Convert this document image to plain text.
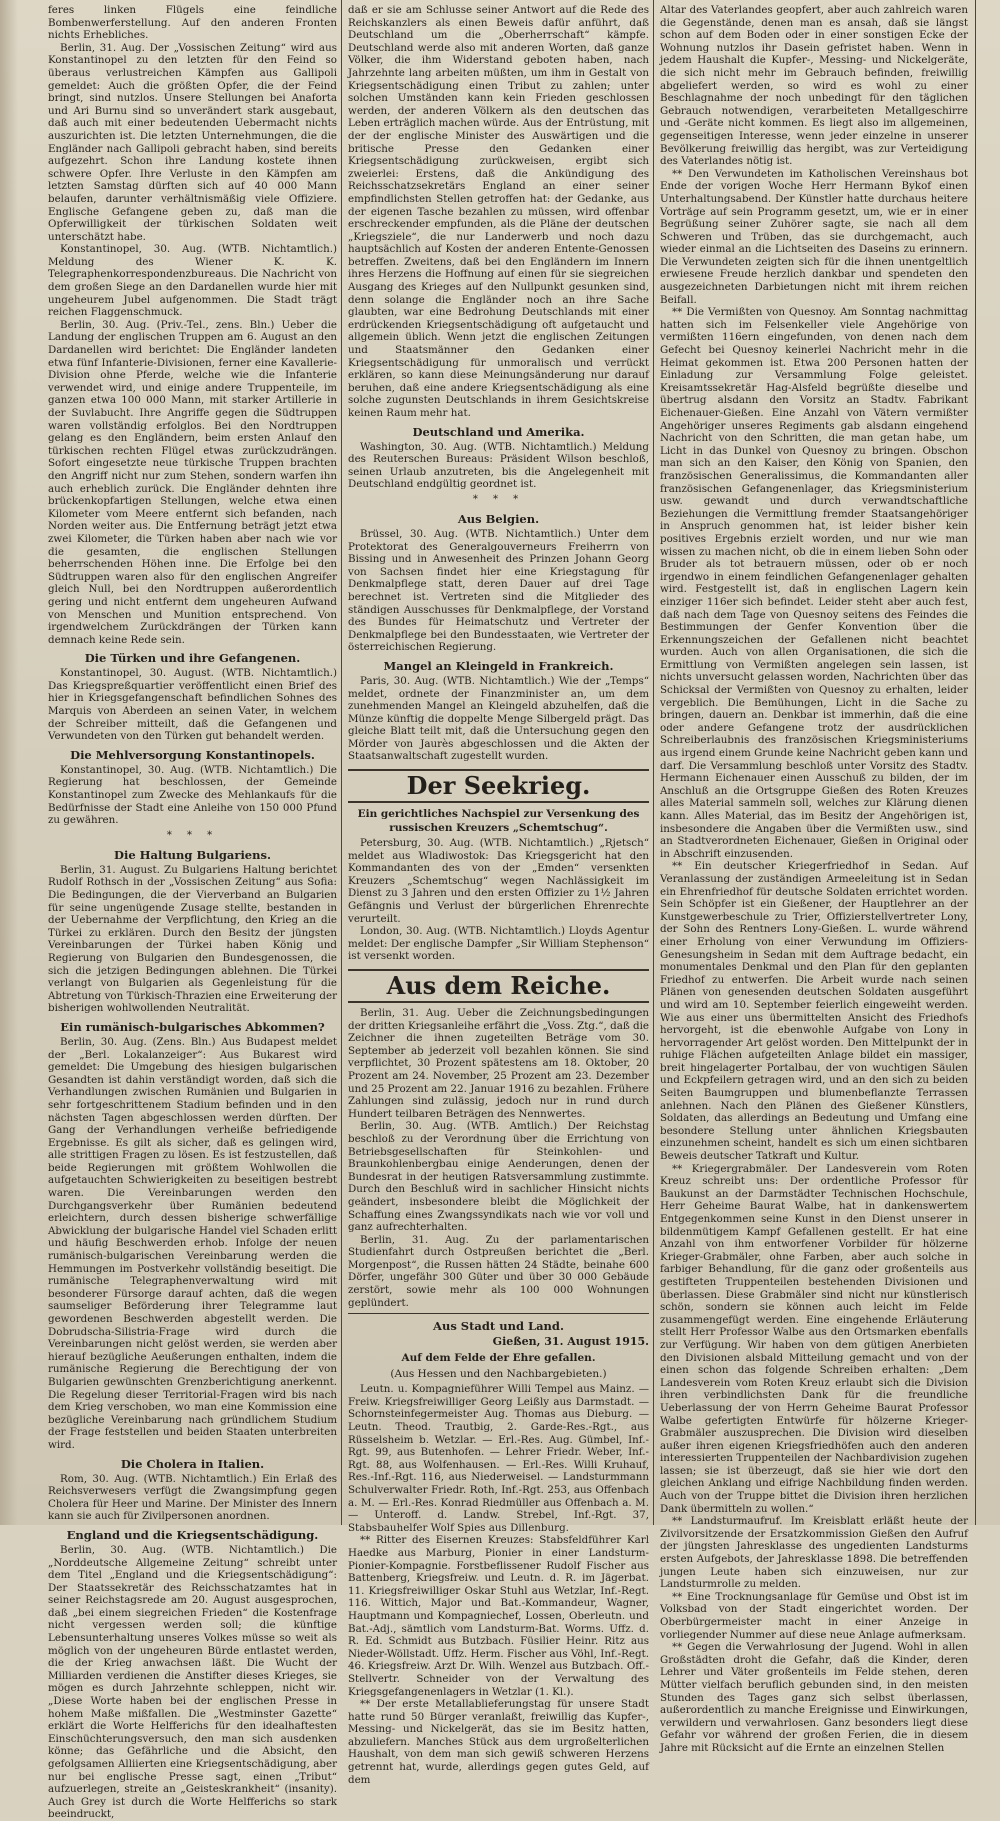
feres linken Flügels eine feindliche Bombenwerferstellung. Auf den anderen Fronten nichts Erhebliches.

Berlin, 31. Aug. Der „Vossischen Zeitung“ wird aus Konstantinopel zu den letzten für den Feind so überaus verlustreichen Kämpfen aus Gallipoli gemeldet: Auch die größten Opfer, die der Feind bringt, sind nutzlos. Unsere Stellungen bei Anaforta und Ari Burnu sind so unverändert stark ausgebaut, daß auch mit einer bedeutenden Uebermacht nichts auszurichten ist. Die letzten Unternehmungen, die die Engländer nach Gallipoli gebracht haben, sind bereits aufgezehrt. Schon ihre Landung kostete ihnen schwere Opfer. Ihre Verluste in den Kämpfen am letzten Samstag dürften sich auf 40 000 Mann belaufen, darunter verhältnismäßig viele Offiziere. Englische Gefangene geben zu, daß man die Opferwilligkeit der türkischen Soldaten weit unterschätzt habe.

Konstantinopel, 30. Aug. (WTB. Nichtamtlich.) Meldung des Wiener K. K. Telegraphenkorrespondenzbureaus. Die Nachricht von dem großen Siege an den Dardanellen wurde hier mit ungeheurem Jubel aufgenommen. Die Stadt trägt reichen Flaggenschmuck.

Berlin, 30. Aug. (Priv.-Tel., zens. Bln.) Ueber die Landung der englischen Truppen am 6. August an den Dardanellen wird berichtet: Die Engländer landeten etwa fünf Infanterie-Divisionen, ferner eine Kavallerie-Division ohne Pferde, welche wie die Infanterie verwendet wird, und einige andere Truppenteile, im ganzen etwa 100 000 Mann, mit starker Artillerie in der Suvlabucht. Ihre Angriffe gegen die Südtruppen waren vollständig erfolglos. Bei den Nordtruppen gelang es den Engländern, beim ersten Anlauf den türkischen rechten Flügel etwas zurückzudrängen. Sofort eingesetzte neue türkische Truppen brachten den Angriff nicht nur zum Stehen, sondern warfen ihn auch erheblich zurück. Die Engländer dehnten ihre brückenkopfartigen Stellungen, welche etwa einen Kilometer vom Meere entfernt sich befanden, nach Norden weiter aus. Die Entfernung beträgt jetzt etwa zwei Kilometer, die Türken haben aber nach wie vor die gesamten, die englischen Stellungen beherrschenden Höhen inne. Die Erfolge bei den Südtruppen waren also für den englischen Angreifer gleich Null, bei den Nordtruppen außerordentlich gering und nicht entfernt dem ungeheuren Aufwand von Menschen und Munition entsprechend. Von irgendwelchem Zurückdrängen der Türken kann demnach keine Rede sein.

Die Türken und ihre Gefangenen.

Konstantinopel, 30. August. (WTB. Nichtamtlich.) Das Kriegspreßquartier veröffentlicht einen Brief des hier in Kriegsgefangenschaft befindlichen Sohnes des Marquis von Aberdeen an seinen Vater, in welchem der Schreiber mitteilt, daß die Gefangenen und Verwundeten von den Türken gut behandelt werden.

Die Mehlversorgung Konstantinopels.

Konstantinopel, 30. Aug. (WTB. Nichtamtlich.) Die Regierung hat beschlossen, der Gemeinde Konstantinopel zum Zwecke des Mehlankaufs für die Bedürfnisse der Stadt eine Anleihe von 150 000 Pfund zu gewähren.

* * *
Die Haltung Bulgariens.

Berlin, 31. August. Zu Bulgariens Haltung berichtet Rudolf Rothsch in der „Vossischen Zeitung“ aus Sofia: Die Bedingungen, die der Vierverband an Bulgarien für seine ungenügende Zusage stellte, bestanden in der Uebernahme der Verpflichtung, den Krieg an die Türkei zu erklären. Durch den Besitz der jüngsten Vereinbarungen der Türkei haben König und Regierung von Bulgarien den Bundesgenossen, die sich die jetzigen Bedingungen ablehnen. Die Türkei verlangt von Bulgarien als Gegenleistung für die Abtretung von Türkisch-Thrazien eine Erweiterung der bisherigen wohlwollenden Neutralität.

Ein rumänisch-bulgarisches Abkommen?

Berlin, 30. Aug. (Zens. Bln.) Aus Budapest meldet der „Berl. Lokalanzeiger“: Aus Bukarest wird gemeldet: Die Umgebung des hiesigen bulgarischen Gesandten ist dahin verständigt worden, daß sich die Verhandlungen zwischen Rumänien und Bulgarien in sehr fortgeschrittenem Stadium befinden und in den nächsten Tagen abgeschlossen werden dürften. Der Gang der Verhandlungen verheiße befriedigende Ergebnisse. Es gilt als sicher, daß es gelingen wird, alle strittigen Fragen zu lösen. Es ist festzustellen, daß beide Regierungen mit größtem Wohlwollen die aufgetauchten Schwierigkeiten zu beseitigen bestrebt waren. Die Vereinbarungen werden den Durchgangsverkehr über Rumänien bedeutend erleichtern, durch dessen bisherige schwerfällige Abwicklung der bulgarische Handel viel Schaden erlitt und häufig Beschwerden erhob. Infolge der neuen rumänisch-bulgarischen Vereinbarung werden die Hemmungen im Postverkehr vollständig beseitigt. Die rumänische Telegraphenverwaltung wird mit besonderer Fürsorge darauf achten, daß die wegen saumseliger Beförderung ihrer Telegramme laut gewordenen Beschwerden abgestellt werden. Die Dobrudscha-Silistria-Frage wird durch die Vereinbarungen nicht gelöst werden, sie werden aber hierauf bezügliche Aeußerungen enthalten, indem die rumänische Regierung die Berechtigung der von Bulgarien gewünschten Grenzberichtigung anerkennt. Die Regelung dieser Territorial-Fragen wird bis nach dem Krieg verschoben, wo man eine Kommission eine bezügliche Vereinbarung nach gründlichem Studium der Frage feststellen und beiden Staaten unterbreiten wird.

Die Cholera in Italien.

Rom, 30. Aug. (WTB. Nichtamtlich.) Ein Erlaß des Reichsverwesers verfügt die Zwangsimpfung gegen Cholera für Heer und Marine. Der Minister des Innern kann sie auch für Zivilpersonen anordnen.

England und die Kriegsentschädigung.

Berlin, 30. Aug. (WTB. Nichtamtlich.) Die „Norddeutsche Allgemeine Zeitung“ schreibt unter dem Titel „England und die Kriegsentschädigung“: Der Staatssekretär des Reichsschatzamtes hat in seiner Reichstagsrede am 20. August ausgesprochen, daß „bei einem siegreichen Frieden“ die Kostenfrage nicht vergessen werden soll; die künftige Lebensunterhaltung unseres Volkes müsse so weit als möglich von der ungeheuren Bürde entlastet werden, die der Krieg anwachsen läßt. Die Wucht der Milliarden verdienen die Anstifter dieses Krieges, sie mögen es durch Jahrzehnte schleppen, nicht wir. „Diese Worte haben bei der englischen Presse in hohem Maße mißfallen. Die „Westminster Gazette“ erklärt die Worte Helfferichs für den idealhaftesten Einschüchterungsversuch, den man sich ausdenken könne; das Gefährliche und die Absicht, den gefolgsamen Alliierten eine Kriegsentschädigung, aber nur bei englische Presse sagt, einen „Tribut“ aufzuerlegen, streite an „Geisteskrankheit“ (insanity). Auch Grey ist durch die Worte Helfferichs so stark beeindruckt,

daß er sie am Schlusse seiner Antwort auf die Rede des Reichskanzlers als einen Beweis dafür anführt, daß Deutschland um die „Oberherrschaft“ kämpfe. Deutschland werde also mit anderen Worten, daß ganze Völker, die ihm Widerstand geboten haben, nach Jahrzehnte lang arbeiten müßten, um ihm in Gestalt von Kriegsentschädigung einen Tribut zu zahlen; unter solchen Umständen kann kein Frieden geschlossen werden, der anderen Völkern als den deutschen das Leben erträglich machen würde. Aus der Entrüstung, mit der der englische Minister des Auswärtigen und die britische Presse den Gedanken einer Kriegsentschädigung zurückweisen, ergibt sich zweierlei: Erstens, daß die Ankündigung des Reichsschatzsekretärs England an einer seiner empfindlichsten Stellen getroffen hat: der Gedanke, aus der eigenen Tasche bezahlen zu müssen, wird offenbar erschreckender empfunden, als die Pläne der deutschen „Kriegsziele“, die nur Landerwerb und noch dazu hauptsächlich auf Kosten der anderen Entente-Genossen betreffen. Zweitens, daß bei den Engländern im Innern ihres Herzens die Hoffnung auf einen für sie siegreichen Ausgang des Krieges auf den Nullpunkt gesunken sind, denn solange die Engländer noch an ihre Sache glaubten, war eine Bedrohung Deutschlands mit einer erdrückenden Kriegsentschädigung oft aufgetaucht und allgemein üblich. Wenn jetzt die englischen Zeitungen und Staatsmänner den Gedanken einer Kriegsentschädigung für unmoralisch und verrückt erklären, so kann diese Meinungsänderung nur darauf beruhen, daß eine andere Kriegsentschädigung als eine solche zugunsten Deutschlands in ihrem Gesichtskreise keinen Raum mehr hat.

Deutschland und Amerika.

Washington, 30. Aug. (WTB. Nichtamtlich.) Meldung des Reuterschen Bureaus: Präsident Wilson beschloß, seinen Urlaub anzutreten, bis die Angelegenheit mit Deutschland endgültig geordnet ist.

* * *
Aus Belgien.

Brüssel, 30. Aug. (WTB. Nichtamtlich.) Unter dem Protektorat des Generalgouverneurs Freiherrn von Bissing und in Anwesenheit des Prinzen Johann Georg von Sachsen findet hier eine Kriegstagung für Denkmalpflege statt, deren Dauer auf drei Tage berechnet ist. Vertreten sind die Mitglieder des ständigen Ausschusses für Denkmalpflege, der Vorstand des Bundes für Heimatschutz und Vertreter der Denkmalpflege bei den Bundesstaaten, wie Vertreter der österreichischen Regierung.

Mangel an Kleingeld in Frankreich.

Paris, 30. Aug. (WTB. Nichtamtlich.) Wie der „Temps“ meldet, ordnete der Finanzminister an, um dem zunehmenden Mangel an Kleingeld abzuhelfen, daß die Münze künftig die doppelte Menge Silbergeld prägt. Das gleiche Blatt teilt mit, daß die Untersuchung gegen den Mörder von Jaurès abgeschlossen und die Akten der Staatsanwaltschaft zugestellt wurden.

Der Seekrieg.
Ein gerichtliches Nachspiel zur Versenkung des russischen Kreuzers „Schemtschug“.

Petersburg, 30. Aug. (WTB. Nichtamtlich.) „Rjetsch“ meldet aus Wladiwostok: Das Kriegsgericht hat den Kommandanten des von der „Emden“ versenkten Kreuzers „Schemtschug“ wegen Nachlässigkeit im Dienst zu 3 Jahren und den ersten Offizier zu 1½ Jahren Gefängnis und Verlust der bürgerlichen Ehrenrechte verurteilt.

London, 30. Aug. (WTB. Nichtamtlich.) Lloyds Agentur meldet: Der englische Dampfer „Sir William Stephenson“ ist versenkt worden.

Aus dem Reiche.

Berlin, 31. Aug. Ueber die Zeichnungsbedingungen der dritten Kriegsanleihe erfährt die „Voss. Ztg.“, daß die Zeichner die ihnen zugeteilten Beträge vom 30. September ab jederzeit voll bezahlen können. Sie sind verpflichtet, 30 Prozent spätestens am 18. Oktober, 20 Prozent am 24. November, 25 Prozent am 23. Dezember und 25 Prozent am 22. Januar 1916 zu bezahlen. Frühere Zahlungen sind zulässig, jedoch nur in rund durch Hundert teilbaren Beträgen des Nennwertes.

Berlin, 30. Aug. (WTB. Amtlich.) Der Reichstag beschloß zu der Verordnung über die Errichtung von Betriebsgesellschaften für Steinkohlen- und Braunkohlenbergbau einige Aenderungen, denen der Bundesrat in der heutigen Ratsversammlung zustimmte. Durch den Beschluß wird in sachlicher Hinsicht nichts geändert, insbesondere bleibt die Möglichkeit der Schaffung eines Zwangssyndikats nach wie vor voll und ganz aufrechterhalten.

Berlin, 31. Aug. Zu der parlamentarischen Studienfahrt durch Ostpreußen berichtet die „Berl. Morgenpost“, die Russen hätten 24 Städte, beinahe 600 Dörfer, ungefähr 300 Güter und über 30 000 Gebäude zerstört, sowie mehr als 100 000 Wohnungen geplündert.

Aus Stadt und Land.
Gießen, 31. August 1915.
Auf dem Felde der Ehre gefallen.
(Aus Hessen und den Nachbargebieten.)

Leutn. u. Kompagnieführer Willi Tempel aus Mainz. — Freiw. Kriegsfreiwilliger Georg Leißly aus Darmstadt. — Schornsteinfegermeister Aug. Thomas aus Dieburg. — Leutn. Theod. Trautbig, 2. Garde-Res.-Rgt., aus Rüsselsheim b. Wetzlar. — Erl.-Res. Aug. Gümbel, Inf.-Rgt. 99, aus Butenhofen. — Lehrer Friedr. Weber, Inf.-Rgt. 88, aus Wolfenhausen. — Erl.-Res. Willi Kruhauf, Res.-Inf.-Rgt. 116, aus Niederweisel. — Landsturmmann Schulverwalter Friedr. Roth, Inf.-Rgt. 253, aus Offenbach a. M. — Erl.-Res. Konrad Riedmüller aus Offenbach a. M. — Unteroff. d. Landw. Strebel, Inf.-Rgt. 37, Stabsbauhelfer Wolf Spies aus Dillenburg.

** Ritter des Eisernen Kreuzes: Stabsfeldführer Karl Haedke aus Marburg, Pionier in einer Landsturm-Pionier-Kompagnie. Forstbeflissener Rudolf Fischer aus Battenberg, Kriegsfreiw. und Leutn. d. R. im Jägerbat. 11. Kriegsfreiwilliger Oskar Stuhl aus Wetzlar, Inf.-Regt. 116. Wittich, Major und Bat.-Kommandeur, Wagner, Hauptmann und Kompagniechef, Lossen, Oberleutn. und Bat.-Adj., sämtlich vom Landsturm-Bat. Worms. Uffz. d. R. Ed. Schmidt aus Butzbach. Füsilier Heinr. Ritz aus Nieder-Wöllstadt. Uffz. Herm. Fischer aus Vöhl, Inf.-Regt. 46. Kriegsfreiw. Arzt Dr. Wilh. Wenzel aus Butzbach. Off.-Stellvertr. Schneider von der Verwaltung des Kriegsgefangenenlagers in Wetzlar (1. Kl.).

** Der erste Metallablieferungstag für unsere Stadt hatte rund 50 Bürger veranlaßt, freiwillig das Kupfer-, Messing- und Nickelgerät, das sie im Besitz hatten, abzuliefern. Manches Stück aus dem urgroßelterlichen Haushalt, von dem man sich gewiß schweren Herzens getrennt hat, wurde, allerdings gegen gutes Geld, auf dem

Altar des Vaterlandes geopfert, aber auch zahlreich waren die Gegenstände, denen man es ansah, daß sie längst schon auf dem Boden oder in einer sonstigen Ecke der Wohnung nutzlos ihr Dasein gefristet haben. Wenn in jedem Haushalt die Kupfer-, Messing- und Nickelgeräte, die sich nicht mehr im Gebrauch befinden, freiwillig abgeliefert werden, so wird es wohl zu einer Beschlagnahme der noch unbedingt für den täglichen Gebrauch notwendigen, verarbeiteten Metallgeschirre und -Geräte nicht kommen. Es liegt also im allgemeinen, gegenseitigen Interesse, wenn jeder einzelne in unserer Bevölkerung freiwillig das hergibt, was zur Verteidigung des Vaterlandes nötig ist.

** Den Verwundeten im Katholischen Vereinshaus bot Ende der vorigen Woche Herr Hermann Bykof einen Unterhaltungsabend. Der Künstler hatte durchaus heitere Vorträge auf sein Programm gesetzt, um, wie er in einer Begrüßung seiner Zuhörer sagte, sie nach all dem Schweren und Trüben, das sie durchgemacht, auch wieder einmal an die Lichtseiten des Daseins zu erinnern. Die Verwundeten zeigten sich für die ihnen unentgeltlich erwiesene Freude herzlich dankbar und spendeten den ausgezeichneten Darbietungen nicht mit ihrem reichen Beifall.

** Die Vermißten von Quesnoy. Am Sonntag nachmittag hatten sich im Felsenkeller viele Angehörige von vermißten 116ern eingefunden, von denen nach dem Gefecht bei Quesnoy keinerlei Nachricht mehr in die Heimat gekommen ist. Etwa 200 Personen hatten der Einladung zur Versammlung Folge geleistet. Kreisamtssekretär Hag-Alsfeld begrüßte dieselbe und übertrug alsdann den Vorsitz an Stadtv. Fabrikant Eichenauer-Gießen. Eine Anzahl von Vätern vermißter Angehöriger unseres Regiments gab alsdann eingehend Nachricht von den Schritten, die man getan habe, um Licht in das Dunkel von Quesnoy zu bringen. Obschon man sich an den Kaiser, den König von Spanien, den französischen Generalissimus, die Kommandanten aller französischen Gefangenenlager, das Kriegsministerium usw. gewandt und durch verwandtschaftliche Beziehungen die Vermittlung fremder Staatsangehöriger in Anspruch genommen hat, ist leider bisher kein positives Ergebnis erzielt worden, und nur wie man wissen zu machen nicht, ob die in einem lieben Sohn oder Bruder als tot betrauern müssen, oder ob er noch irgendwo in einem feindlichen Gefangenenlager gehalten wird. Festgestellt ist, daß in englischen Lagern kein einziger 116er sich befindet. Leider steht aber auch fest, daß nach dem Tage von Quesnoy seitens des Feindes die Bestimmungen der Genfer Konvention über die Erkennungszeichen der Gefallenen nicht beachtet wurden. Auch von allen Organisationen, die sich die Ermittlung von Vermißten angelegen sein lassen, ist nichts unversucht gelassen worden, Nachrichten über das Schicksal der Vermißten von Quesnoy zu erhalten, leider vergeblich. Die Bemühungen, Licht in die Sache zu bringen, dauern an. Denkbar ist immerhin, daß die eine oder andere Gefangene trotz der ausdrücklichen Schreiberlaubnis des französischen Kriegsministeriums aus irgend einem Grunde keine Nachricht geben kann und darf. Die Versammlung beschloß unter Vorsitz des Stadtv. Hermann Eichenauer einen Ausschuß zu bilden, der im Anschluß an die Ortsgruppe Gießen des Roten Kreuzes alles Material sammeln soll, welches zur Klärung dienen kann. Alles Material, das im Besitz der Angehörigen ist, insbesondere die Angaben über die Vermißten usw., sind an Stadtverordneten Eichenauer, Gießen in Original oder in Abschrift einzusenden.

** Ein deutscher Kriegerfriedhof in Sedan. Auf Veranlassung der zuständigen Armeeleitung ist in Sedan ein Ehrenfriedhof für deutsche Soldaten errichtet worden. Sein Schöpfer ist ein Gießener, der Hauptlehrer an der Kunstgewerbeschule zu Trier, Offizierstellvertreter Lony, der Sohn des Rentners Lony-Gießen. L. wurde während einer Erholung von einer Verwundung im Offiziers-Genesungsheim in Sedan mit dem Auftrage bedacht, ein monumentales Denkmal und den Plan für den geplanten Friedhof zu entwerfen. Die Arbeit wurde nach seinen Plänen von genesenden deutschen Soldaten ausgeführt und wird am 10. September feierlich eingeweiht werden. Wie aus einer uns übermittelten Ansicht des Friedhofs hervorgeht, ist die ebenwohle Aufgabe von Lony in hervorragender Art gelöst worden. Den Mittelpunkt der in ruhige Flächen aufgeteilten Anlage bildet ein massiger, breit hingelagerter Portalbau, der von wuchtigen Säulen und Eckpfeilern getragen wird, und an den sich zu beiden Seiten Baumgruppen und blumenbeflanzte Terrassen anlehnen. Nach den Plänen des Gießener Künstlers, Soldaten, das allerdings an Bedeutung und Umfang eine besondere Stellung unter ähnlichen Kriegsbauten einzunehmen scheint, handelt es sich um einen sichtbaren Beweis deutscher Tatkraft und Kultur.

** Kriegergrabmäler. Der Landesverein vom Roten Kreuz schreibt uns: Der ordentliche Professor für Baukunst an der Darmstädter Technischen Hochschule, Herr Geheime Baurat Walbe, hat in dankenswertem Entgegenkommen seine Kunst in den Dienst unserer in bildenmütigem Kampf Gefallenen gestellt. Er hat eine Anzahl von ihm entworfener Vorbilder für hölzerne Krieger-Grabmäler, ohne Farben, aber auch solche in farbiger Behandlung, für die ganz oder großenteils aus gestifteten Truppenteilen bestehenden Divisionen und überlassen. Diese Grabmäler sind nicht nur künstlerisch schön, sondern sie können auch leicht im Felde zusammengefügt werden. Eine eingehende Erläuterung stellt Herr Professor Walbe aus den Ortsmarken ebenfalls zur Verfügung. Wir haben von dem gütigen Anerbieten den Divisionen alsbald Mitteilung gemacht und von der einen schon das folgende Schreiben erhalten: „Dem Landesverein vom Roten Kreuz erlaubt sich die Division ihren verbindlichsten Dank für die freundliche Ueberlassung der von Herrn Geheime Baurat Professor Walbe gefertigten Entwürfe für hölzerne Krieger-Grabmäler auszusprechen. Die Division wird dieselben außer ihren eigenen Kriegsfriedhöfen auch den anderen interessierten Truppenteilen der Nachbardivision zugehen lassen; sie ist überzeugt, daß sie hier wie dort den gleichen Anklang und eifrige Nachbildung finden werden. Auch von der Truppe bittet die Division ihren herzlichen Dank übermitteln zu wollen.“

** Landsturmaufruf. Im Kreisblatt erläßt heute der Zivilvorsitzende der Ersatzkommission Gießen den Aufruf der jüngsten Jahresklasse des ungedienten Landsturms ersten Aufgebots, der Jahresklasse 1898. Die betreffenden jungen Leute haben sich einzuweisen, nur zur Landsturmrolle zu melden.

** Eine Trocknungsanlage für Gemüse und Obst ist im Volksbad von der Stadt eingerichtet worden. Der Oberbürgermeister macht in einer Anzeige in vorliegender Nummer auf diese neue Anlage aufmerksam.

** Gegen die Verwahrlosung der Jugend. Wohl in allen Großstädten droht die Gefahr, daß die Kinder, deren Lehrer und Väter großenteils im Felde stehen, deren Mütter vielfach beruflich gebunden sind, in den meisten Stunden des Tages ganz sich selbst überlassen, außerordentlich zu manche Ereignisse und Einwirkungen, verwildern und verwahrlosen. Ganz besonders liegt diese Gefahr vor während der großen Ferien, die in diesem Jahre mit Rücksicht auf die Ernte an einzelnen Stellen
